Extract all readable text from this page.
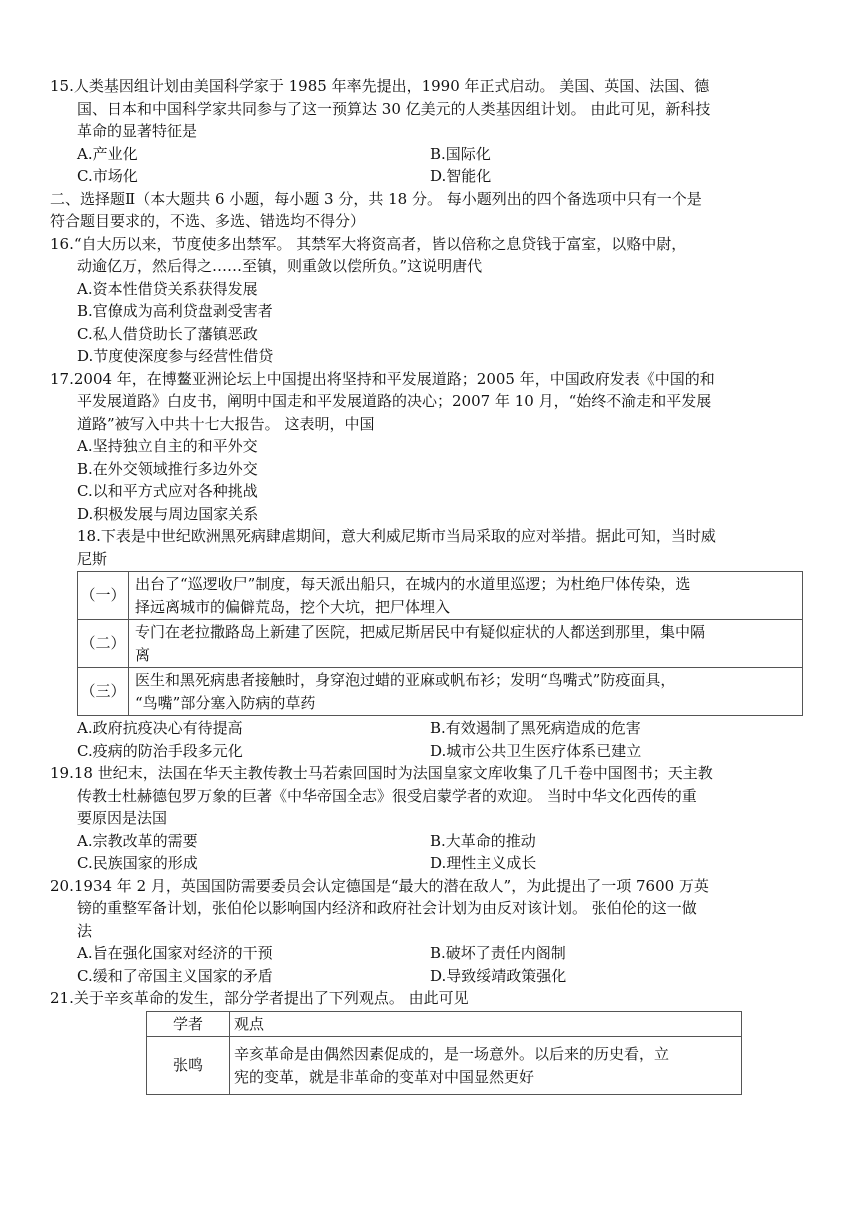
15.人类基因组计划由美国科学家于 1985 年率先提出，1990 年正式启动。 美国、英国、法国、德
国、日本和中国科学家共同参与了这一预算达 30 亿美元的人类基因组计划。 由此可见，新科技
革命的显著特征是
A.产业化	B.国际化
C.市场化	D.智能化
二、选择题Ⅱ（本大题共 6 小题，每小题 3 分，共 18 分。 每小题列出的四个备选项中只有一个是
符合题目要求的，不选、多选、错选均不得分）
16.“自大历以来，节度使多出禁军。 其禁军大将资高者，皆以倍称之息贷钱于富室，以赂中尉，
动逾亿万，然后得之……至镇，则重敛以偿所负。”这说明唐代
A.资本性借贷关系获得发展
B.官僚成为高利贷盘剥受害者
C.私人借贷助长了藩镇恶政
D.节度使深度参与经营性借贷
17.2004 年，在博鳌亚洲论坛上中国提出将坚持和平发展道路；2005 年，中国政府发表《中国的和
平发展道路》白皮书，阐明中国走和平发展道路的决心；2007 年 10 月，“始终不渝走和平发展
道路”被写入中共十七大报告。 这表明，中国
A.坚持独立自主的和平外交
B.在外交领域推行多边外交
C.以和平方式应对各种挑战
D.积极发展与周边国家关系
18.下表是中世纪欧洲黑死病肆虐期间，意大利威尼斯市当局采取的应对举措。据此可知，当时威
尼斯
（一）	出台了“巡逻收尸”制度，每天派出船只，在城内的水道里巡逻；为杜绝尸体传染，选
择远离城市的偏僻荒岛，挖个大坑，把尸体埋入

（二）	专门在老拉撒路岛上新建了医院，把威尼斯居民中有疑似症状的人都送到那里，集中隔
离

（三）	医生和黑死病患者接触时，身穿泡过蜡的亚麻或帆布衫；发明“鸟嘴式”防疫面具，
“鸟嘴”部分塞入防病的草药
A.政府抗疫决心有待提高	B.有效遏制了黑死病造成的危害
C.疫病的防治手段多元化	D.城市公共卫生医疗体系已建立
19.18 世纪末，法国在华天主教传教士马若索回国时为法国皇家文库收集了几千卷中国图书；天主教
传教士杜赫德包罗万象的巨著《中华帝国全志》很受启蒙学者的欢迎。 当时中华文化西传的重
要原因是法国
A.宗教改革的需要	B.大革命的推动
C.民族国家的形成	D.理性主义成长
20.1934 年 2 月，英国国防需要委员会认定德国是“最大的潜在敌人”，为此提出了一项 7600 万英
镑的重整军备计划，张伯伦以影响国内经济和政府社会计划为由反对该计划。 张伯伦的这一做
法
A.旨在强化国家对经济的干预	B.破坏了责任内阁制
C.缓和了帝国主义国家的矛盾	D.导致绥靖政策强化
21.关于辛亥革命的发生，部分学者提出了下列观点。 由此可见
学者	观点
张鸣	辛亥革命是由偶然因素促成的，是一场意外。以后来的历史看，立
宪的变革，就是非革命的变革对中国显然更好
